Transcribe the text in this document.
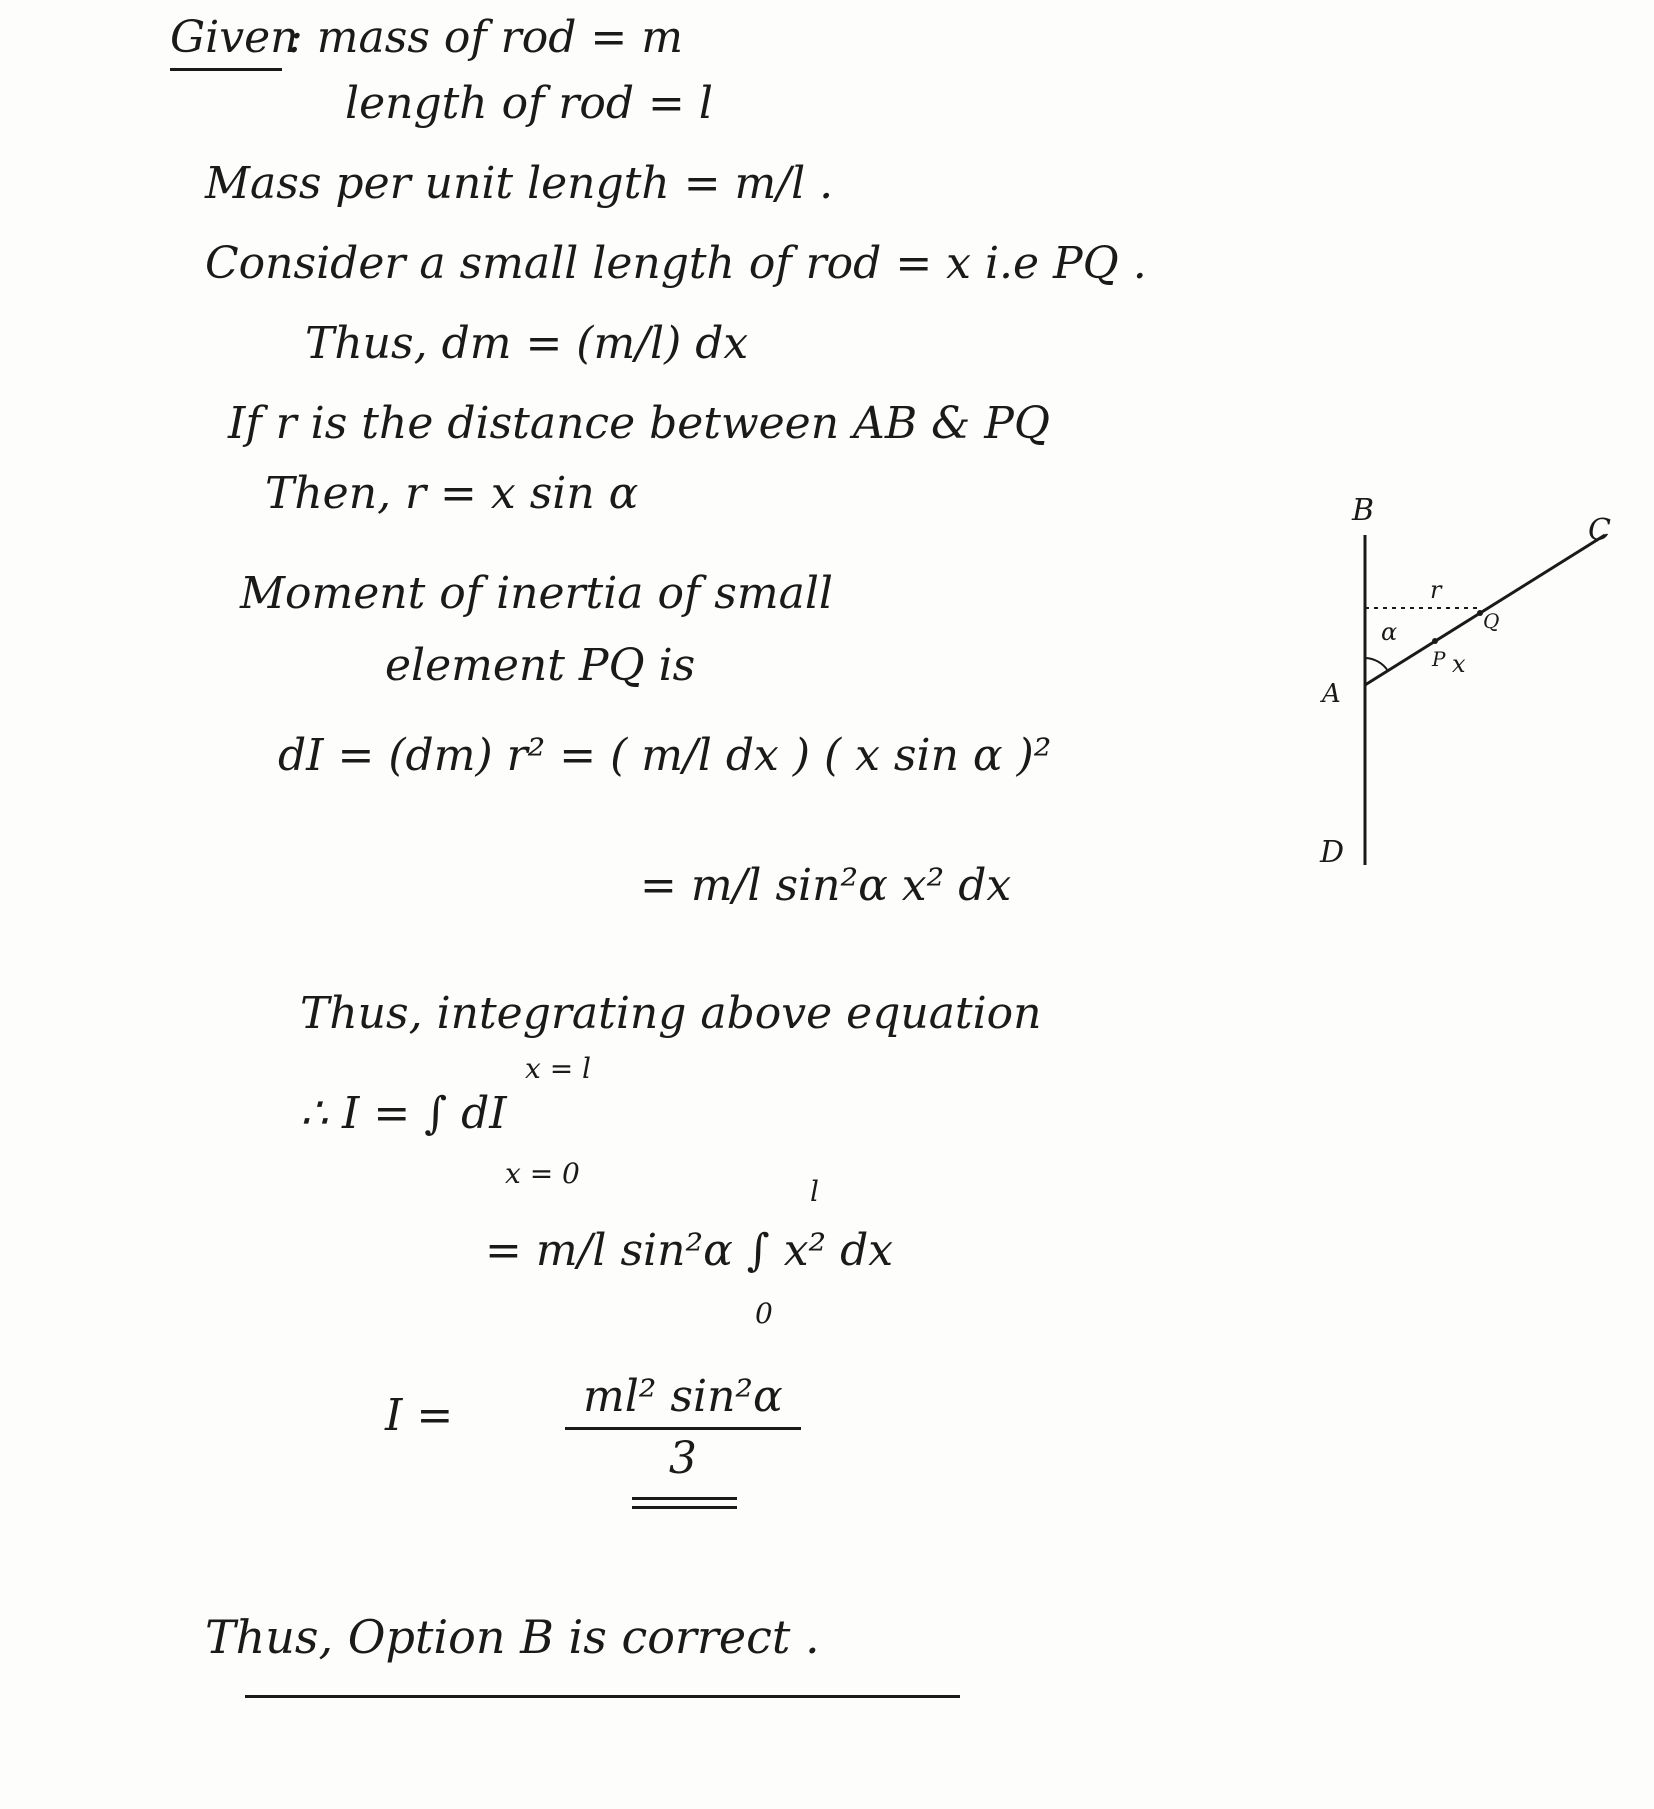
Given
: mass of rod = m
length of rod = l
Mass per unit length = m/l .
Consider a small length of rod = x i.e PQ .
Thus, dm = (m/l) dx
If r is the distance between AB & PQ
Then, r = x sin α
Moment of inertia of small
element PQ is
dI = (dm) r² = ( m/l dx ) ( x sin α )²
= m/l sin²α x² dx
Thus, integrating above equation
x = l
∴ I = ∫ dI
x = 0
l
= m/l sin²α ∫ x² dx
0
I =	$\frac{\text{ml² sin²α}}{3}$
Thus, Option B is correct .
B
C
A
D
α
r
P
Q
x
